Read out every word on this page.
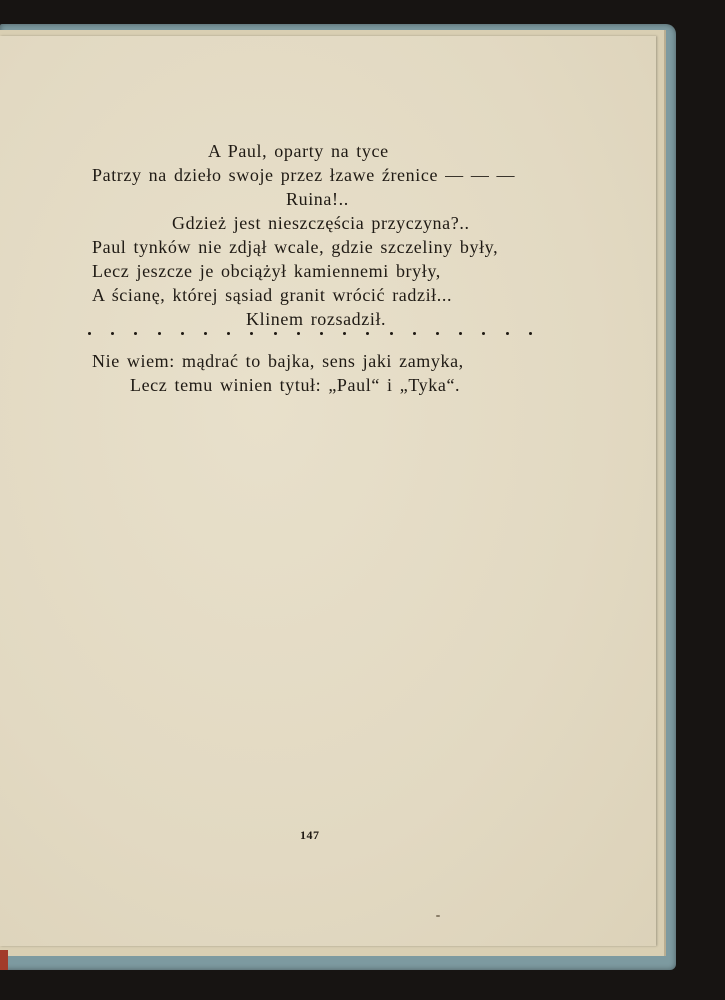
A Paul, oparty na tyce
Patrzy na dzieło swoje przez łzawe źrenice — — —
Ruina!..
Gdzież jest nieszczęścia przyczyna?..
Paul tynków nie zdjął wcale, gdzie szczeliny były,
Lecz jeszcze je obciążył kamiennemi bryły,
A ścianę, której sąsiad granit wrócić radził...
Klinem rozsadził.
Nie wiem: mądrać to bajka, sens jaki zamyka,
Lecz temu winien tytuł: „Paul“ i „Tyka“.
147
